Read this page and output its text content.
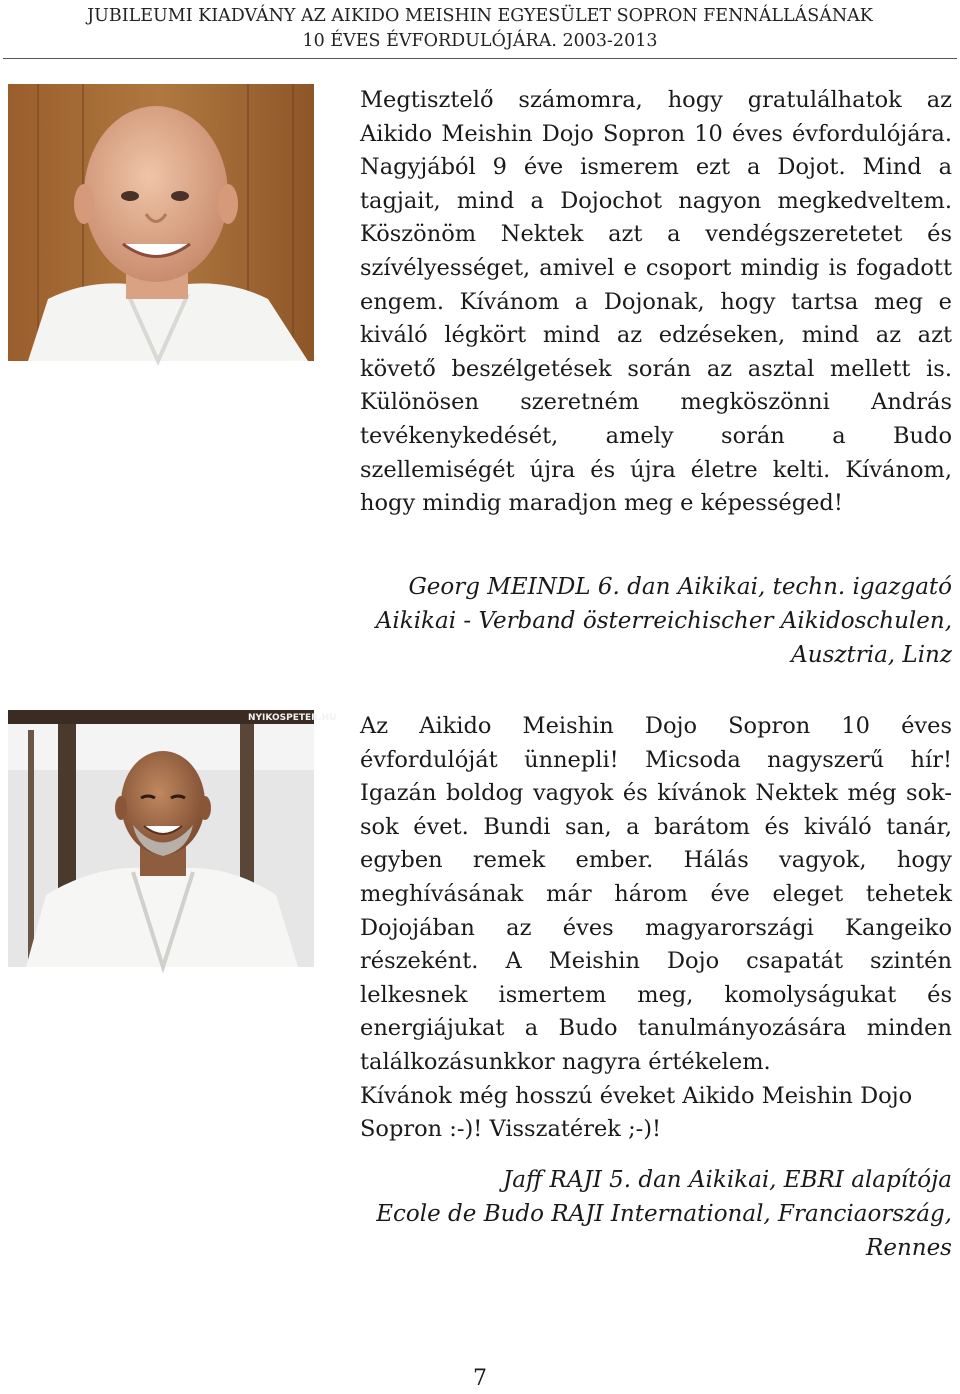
JUBILEUMI KIADVÁNY AZ AIKIDO MEISHIN EGYESÜLET SOPRON FENNÁLLÁSÁNAK
10 ÉVES ÉVFORDULÓJÁRA. 2003-2013

Megtisztelő számomra, hogy gratulálhatok az Aikido Meishin Dojo Sopron 10 éves évfordulójára. Nagyjából 9 éve ismerem ezt a Dojot. Mind a tagjait, mind a Dojochot nagyon megkedveltem. Köszönöm Nektek azt a vendégszeretetet és szívélyességet, amivel e csoport mindig is fogadott engem. Kívánom a Dojonak, hogy tartsa meg e kiváló légkört mind az edzéseken, mind az azt követő beszélgetések során az asztal mellett is. Különösen szeretném megköszönni András tevékenykedését, amely során a Budo szellemiségét újra és újra életre kelti. Kívánom, hogy mindig maradjon meg e képességed!

Georg MEINDL 6. dan Aikikai, techn. igazgató
Aikikai - Verband österreichischer Aikidoschulen,
Ausztria, Linz
NYIKOSPETER.HU Az Aikido Meishin Dojo Sopron 10 éves évfordulóját ünnepli! Micsoda nagyszerű hír! Igazán boldog vagyok és kívánok Nektek még sok-sok évet. Bundi san, a barátom és kiváló tanár, egyben remek ember. Hálás vagyok, hogy meghívásának már három éve eleget tehetek Dojojában az éves magyarországi Kangeiko részeként. A Meishin Dojo csapatát szintén lelkesnek ismertem meg, komolyságukat és energiájukat a Budo tanulmányozására minden találkozásunkkor nagyra értékelem.
Kívánok még hosszú éveket Aikido Meishin Dojo Sopron :-)! Visszatérek ;-)!
Jaff RAJI 5. dan Aikikai, EBRI alapítója
Ecole de Budo RAJI International, Franciaország,
Rennes
7
